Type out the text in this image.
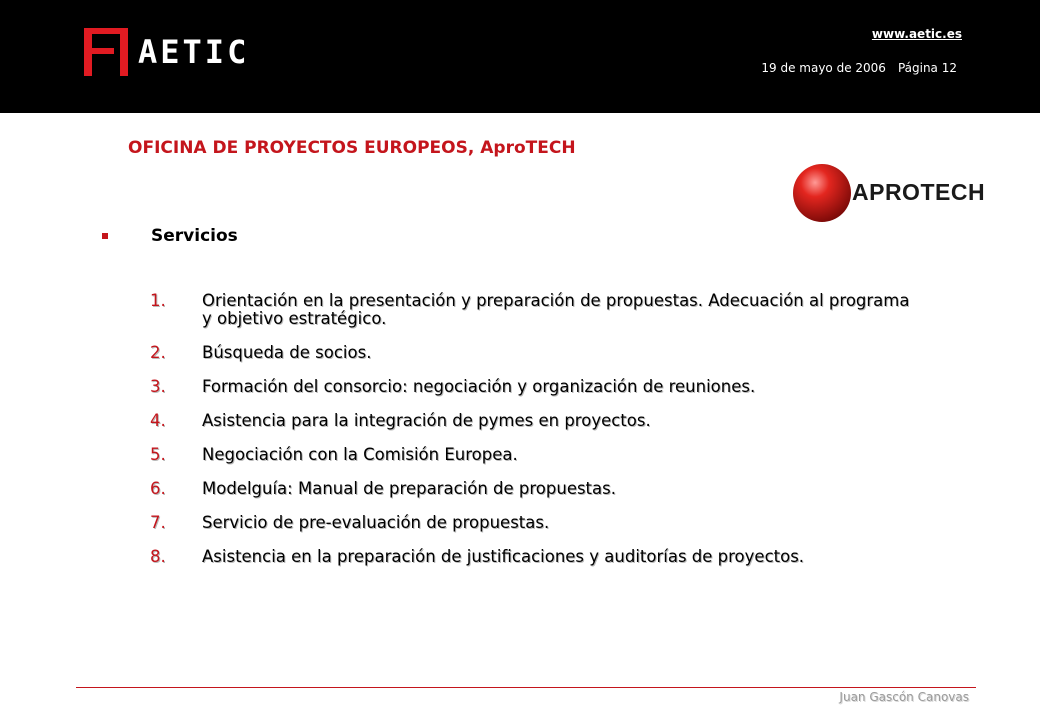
AETIC	www.aetic.es
19 de mayo de 2006 Página 12
OFICINA DE PROYECTOS EUROPEOS, AproTECH
APROTECH
Servicios
1.	Orientación en la presentación y preparación de propuestas. Adecuación al programa y objetivo estratégico.
2.	Búsqueda de socios.
3.	Formación del consorcio: negociación y organización de reuniones.
4.	Asistencia para la integración de pymes en proyectos.
5.	Negociación con la Comisión Europea.
6.	Modelguía: Manual de preparación de propuestas.
7.	Servicio de pre-evaluación de propuestas.
8.	Asistencia en la preparación de justificaciones y auditorías de proyectos.
Juan Gascón Canovas
